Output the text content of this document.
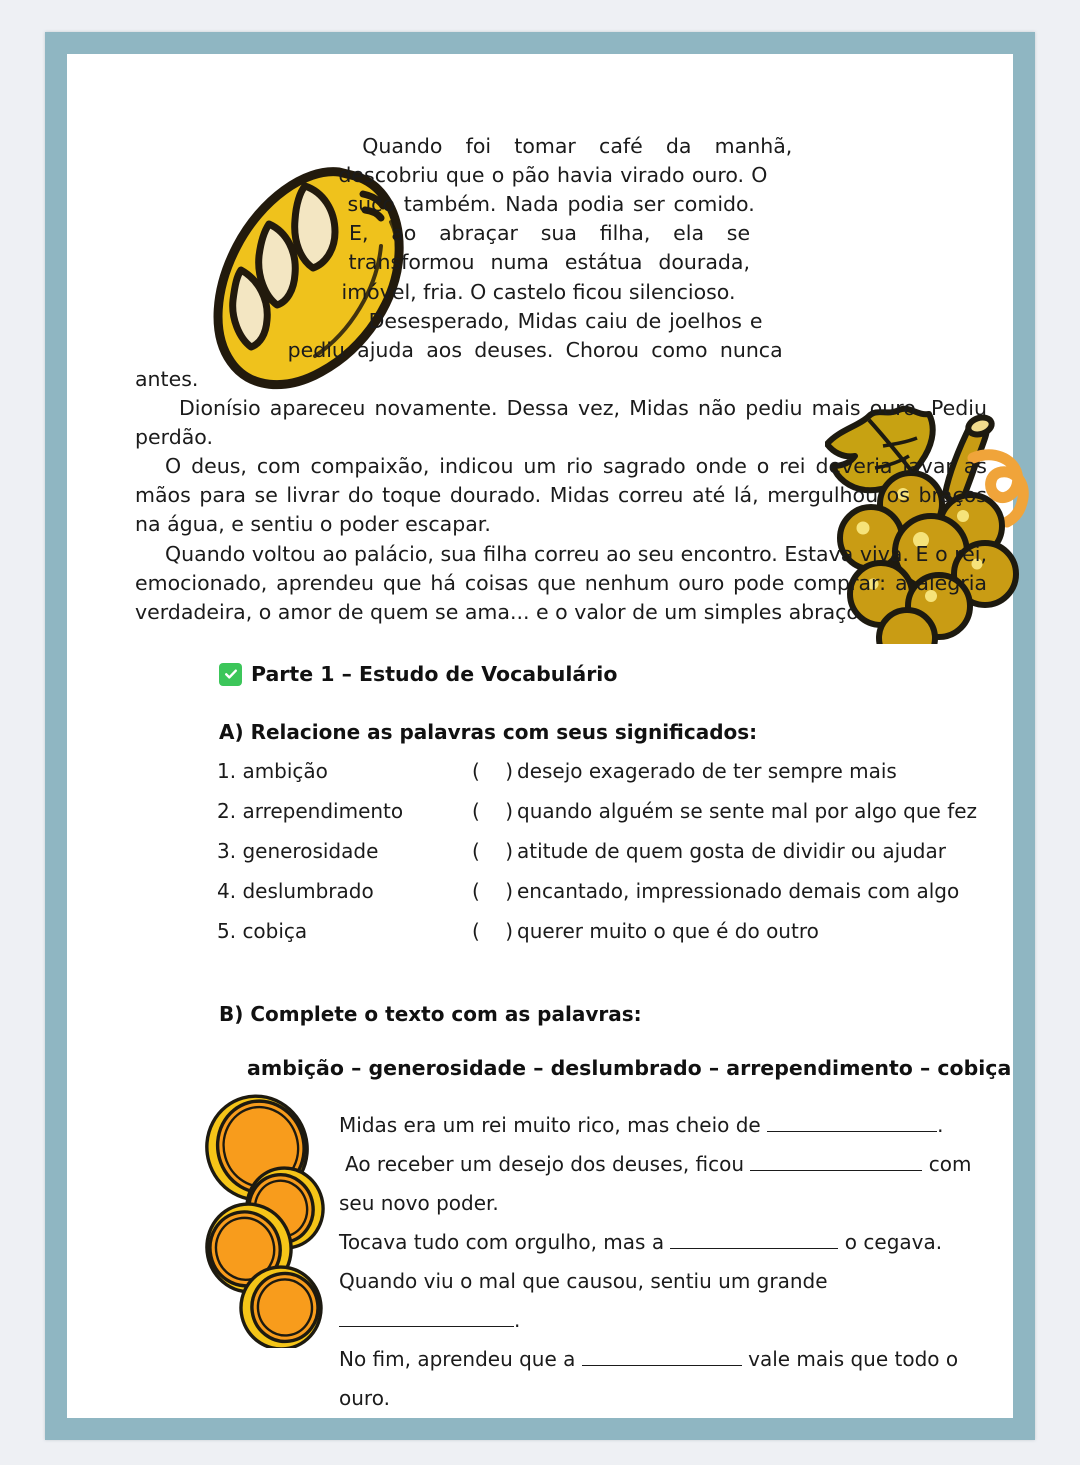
Quando foi tomar café da manhã, descobriu que o pão havia virado ouro. O suco também. Nada podia ser comido. E, ao abraçar sua filha, ela se transformou numa estátua dourada, imóvel, fria. O castelo ficou silencioso.

Desesperado, Midas caiu de joelhos e pediu ajuda aos deuses. Chorou como nunca antes.

Dionísio apareceu novamente. Dessa vez, Midas não pediu mais ouro. Pediu perdão.

O deus, com compaixão, indicou um rio sagrado onde o rei deveria lavar as mãos para se livrar do toque dourado. Midas correu até lá, mergulhou os braços na água, e sentiu o poder escapar.

Quando voltou ao palácio, sua filha correu ao seu encontro. Estava viva. E o rei, emocionado, aprendeu que há coisas que nenhum ouro pode comprar: a alegria verdadeira, o amor de quem se ama... e o valor de um simples abraço.

Parte 1 – Estudo de Vocabulário
A) Relacione as palavras com seus significados:
1. ambição	(    ) desejo exagerado de ter sempre mais
2. arrependimento	(    ) quando alguém se sente mal por algo que fez
3. generosidade	(    ) atitude de quem gosta de dividir ou ajudar
4. deslumbrado	(    ) encantado, impressionado demais com algo
5. cobiça	(    ) querer muito o que é do outro
B) Complete o texto com as palavras:
ambição – generosidade – deslumbrado – arrependimento – cobiça

Midas era um rei muito rico, mas cheio de	.

Ao receber um desejo dos deuses, ficou	com seu novo poder.

Tocava tudo com orgulho, mas a	o cegava.

Quando viu o mal que causou, sentiu um grande .

No fim, aprendeu que a	vale mais que todo o ouro.
